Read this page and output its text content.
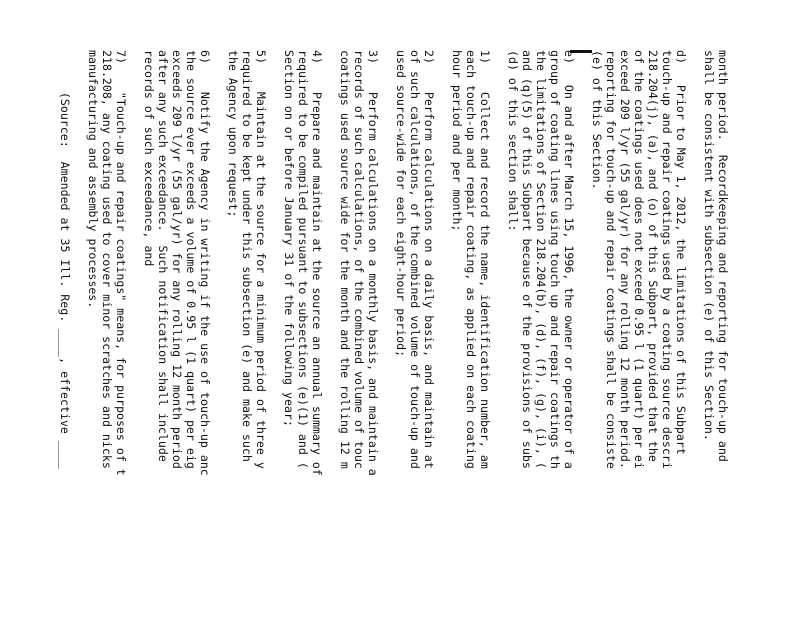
month period.  Recordkeeping and reporting for touch-up and
shall be consistent with subsection (e) of this Section.
d)   Prior to May 1, 2012, the limitations of this Subpart
touch-up and repair coatings used by a coating source descri
218.204(j), (a), and (o) of this Subpart, provided that the
of the coatings used does not exceed 0.95 l (1 quart) per ei
exceed 209 l/yr (55 gal/yr) for any rolling 12 month period.
reporting for touch-up and repair coatings shall be consiste
(e) of this Section.
e)   On and after March 15, 1996, the owner or operator of a
group of coating lines using touch up and repair coatings th
the limitations of Section 218.204(b), (d), (f), (g), (i), (
and (q)(5) of this Subpart because of the provisions of subs
(d) of this section shall:
1)    Collect and record the name, identification number, am
each touch-up and repair coating, as applied on each coating
hour period and per month;
2)    Perform calculations on a daily basis, and maintain at
of such calculations, of the combined volume of touch-up and
used source-wide for each eight-hour period;
3)    Perform calculations on a monthly basis, and maintain a
records of such calculations, of the combined volume of touc
coatings used source wide for the month and the rolling 12 m
4)    Prepare and maintain at the source an annual summary of
required to be compiled pursuant to subsections (e)(1) and (
Section on or before January 31 of the following year;
5)    Maintain at the source for a minimum period of three y
required to be kept under this subsection (e) and make such
the Agency upon request;
6)    Notify the Agency in writing if the use of touch-up anc
the source ever exceeds a volume of 0.95 l (1 quart) per eig
exceeds 209 l/yr (55 gal/yr) for any rolling 12 month period
after any such exceedance.  Such notification shall include
records of such exceedance, and
7)    "Touch-up and repair coatings" means, for purposes of t
218.208, any coating used to cover minor scratches and nicks
manufacturing and assembly processes.
(Source:  Amended at 35 Ill. Reg. ____, effective ____
